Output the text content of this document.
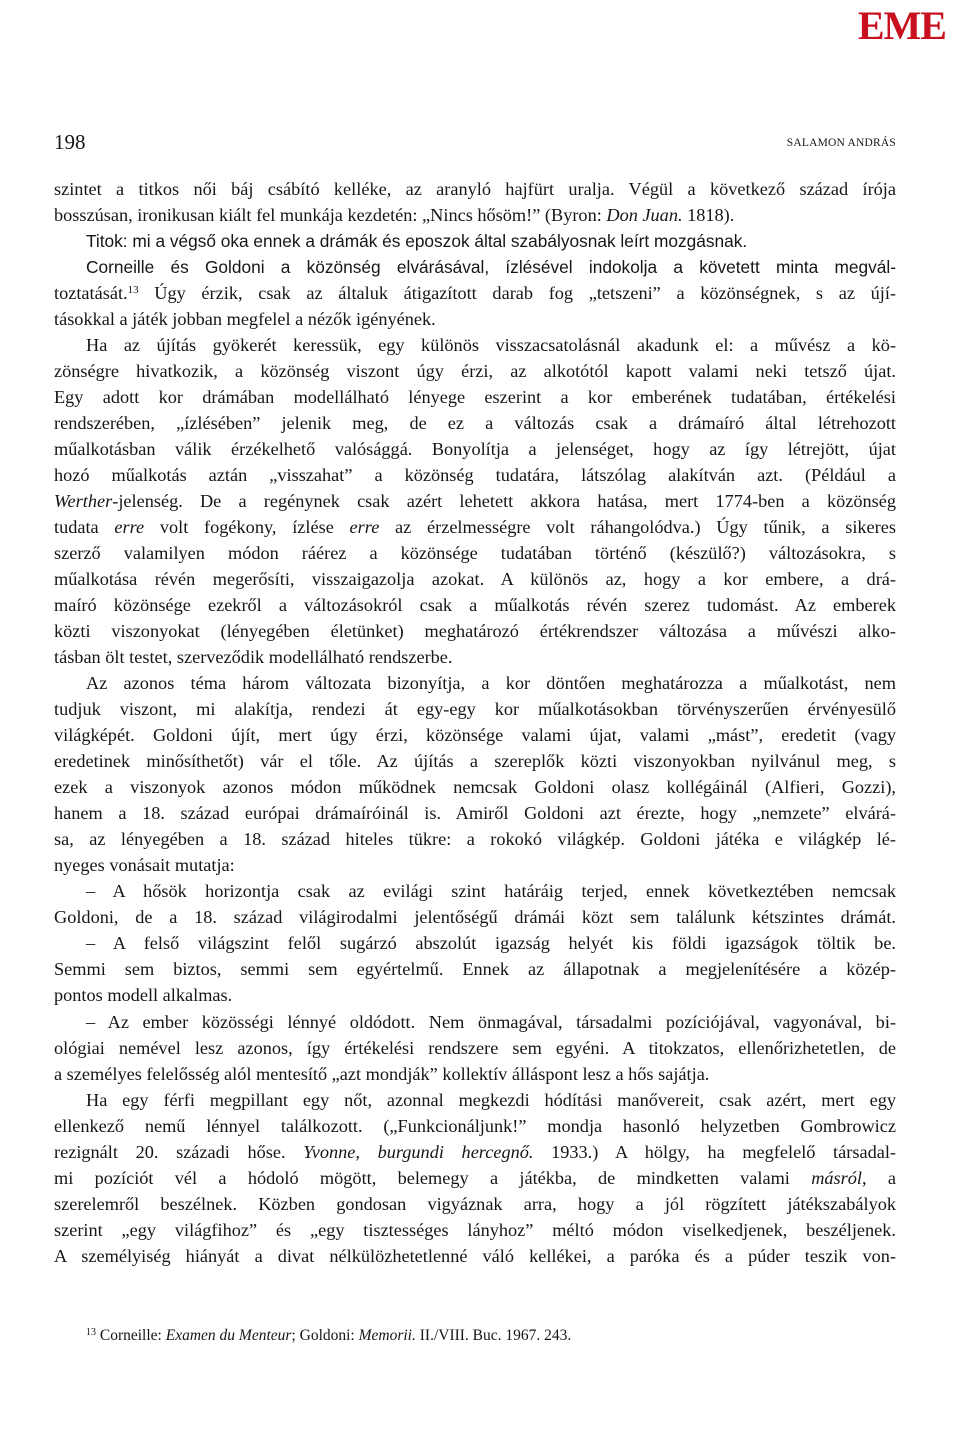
EME
198	SALAMON ANDRÁS
szintet a titkos női báj csábító kelléke, az aranyló hajfürt uralja. Végül a következő század írója
bosszúsan, ironikusan kiált fel munkája kezdetén: „Nincs hősöm!” (Byron: Don Juan. 1818).
Titok: mi a végső oka ennek a drámák és eposzok által szabályosnak leírt mozgásnak.
Corneille és Goldoni a közönség elvárásával, ízlésével indokolja a követett minta megvál-
toztatását.$^{13}$ Úgy érzik, csak az általuk átigazított darab fog „tetszeni” a közönségnek, s az újí-
tásokkal a játék jobban megfelel a nézők igényének.
Ha az újítás gyökerét keressük, egy különös visszacsatolásnál akadunk el: a művész a kö-
zönségre hivatkozik, a közönség viszont úgy érzi, az alkotótól kapott valami neki tetsző újat.
Egy adott kor drámában modellálható lényege eszerint a kor emberének tudatában, értékelési
rendszerében, „ízlésében” jelenik meg, de ez a változás csak a drámaíró által létrehozott
műalkotásban válik érzékelhető valósággá. Bonyolítja a jelenséget, hogy az így létrejött, újat
hozó műalkotás aztán „visszahat” a közönség tudatára, látszólag alakítván azt. (Például a
Werther-jelenség. De a regénynek csak azért lehetett akkora hatása, mert 1774-ben a közönség
tudata erre volt fogékony, ízlése erre az érzelmességre volt ráhangolódva.) Úgy tűnik, a sikeres
szerző valamilyen módon ráérez a közönsége tudatában történő (készülő?) változásokra, s
műalkotása révén megerősíti, visszaigazolja azokat. A különös az, hogy a kor embere, a drá-
maíró közönsége ezekről a változásokról csak a műalkotás révén szerez tudomást. Az emberek
közti viszonyokat (lényegében életünket) meghatározó értékrendszer változása a művészi alko-
tásban ölt testet, szerveződik modellálható rendszerbe.
Az azonos téma három változata bizonyítja, a kor döntően meghatározza a műalkotást, nem
tudjuk viszont, mi alakítja, rendezi át egy-egy kor műalkotásokban törvényszerűen érvényesülő
világképét. Goldoni újít, mert úgy érzi, közönsége valami újat, valami „mást”, eredetit (vagy
eredetinek minősíthetőt) vár el tőle. Az újítás a szereplők közti viszonyokban nyilvánul meg, s
ezek a viszonyok azonos módon működnek nemcsak Goldoni olasz kollégáinál (Alfieri, Gozzi),
hanem a 18. század európai drámaíróinál is. Amiről Goldoni azt érezte, hogy „nemzete” elvárá-
sa, az lényegében a 18. század hiteles tükre: a rokokó világkép. Goldoni játéka e világkép lé-
nyeges vonásait mutatja:
– A hősök horizontja csak az evilági szint határáig terjed, ennek következtében nemcsak
Goldoni, de a 18. század világirodalmi jelentőségű drámái közt sem találunk kétszintes drámát.
– A felső világszint felől sugárzó abszolút igazság helyét kis földi igazságok töltik be.
Semmi sem biztos, semmi sem egyértelmű. Ennek az állapotnak a megjelenítésére a közép-
pontos modell alkalmas.
– Az ember közösségi lénnyé oldódott. Nem önmagával, társadalmi pozíciójával, vagyonával, bi-
ológiai nemével lesz azonos, így értékelési rendszere sem egyéni. A titokzatos, ellenőrizhetetlen, de
a személyes felelősség alól mentesítő „azt mondják” kollektív álláspont lesz a hős sajátja.
Ha egy férfi megpillant egy nőt, azonnal megkezdi hódítási manővereit, csak azért, mert egy
ellenkező nemű lénnyel találkozott. („Funkcionáljunk!” mondja hasonló helyzetben Gombrowicz
rezignált 20. századi hőse. Yvonne, burgundi hercegnő. 1933.) A hölgy, ha megfelelő társadal-
mi pozíciót vél a hódoló mögött, belemegy a játékba, de mindketten valami másról, a
szerelemről beszélnek. Közben gondosan vigyáznak arra, hogy a jól rögzített játékszabályok
szerint „egy világfihoz” és „egy tisztességes lányhoz” méltó módon viselkedjenek, beszéljenek.
A személyiség hiányát a divat nélkülözhetetlenné váló kellékei, a paróka és a púder teszik von-
$^{13}$ Corneille: Examen du Menteur; Goldoni: Memorii. II./VIII. Buc. 1967. 243.
